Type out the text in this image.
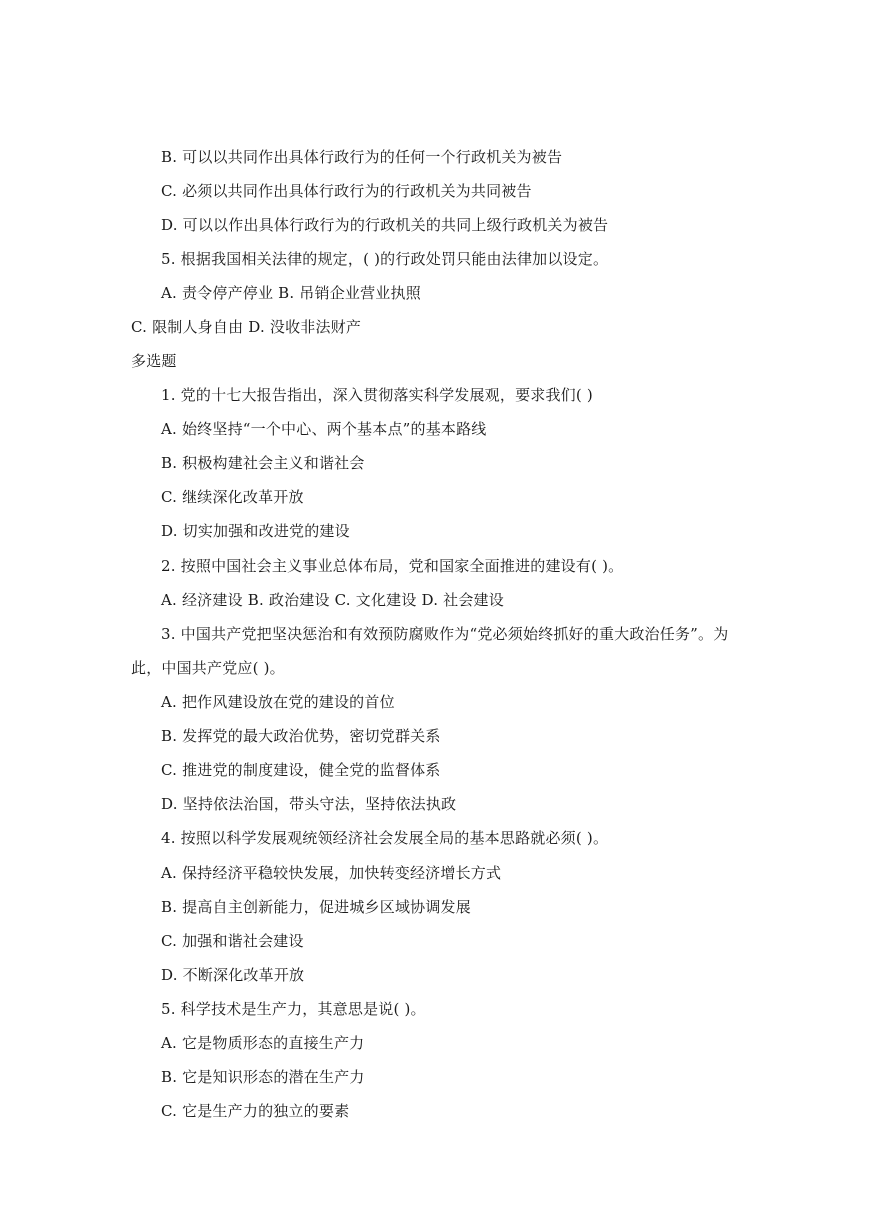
B. 可以以共同作出具体行政行为的任何一个行政机关为被告
C. 必须以共同作出具体行政行为的行政机关为共同被告
D. 可以以作出具体行政行为的行政机关的共同上级行政机关为被告
5. 根据我国相关法律的规定，( )的行政处罚只能由法律加以设定。
A. 责令停产停业 B. 吊销企业营业执照
C. 限制人身自由 D. 没收非法财产
多选题
1. 党的十七大报告指出，深入贯彻落实科学发展观，要求我们( )
A. 始终坚持“一个中心、两个基本点”的基本路线
B. 积极构建社会主义和谐社会
C. 继续深化改革开放
D. 切实加强和改进党的建设
2. 按照中国社会主义事业总体布局，党和国家全面推进的建设有( )。
A. 经济建设 B. 政治建设 C. 文化建设 D. 社会建设
3. 中国共产党把坚决惩治和有效预防腐败作为“党必须始终抓好的重大政治任务”。为
此，中国共产党应( )。
A. 把作风建设放在党的建设的首位
B. 发挥党的最大政治优势，密切党群关系
C. 推进党的制度建设，健全党的监督体系
D. 坚持依法治国，带头守法，坚持依法执政
4. 按照以科学发展观统领经济社会发展全局的基本思路就必须( )。
A. 保持经济平稳较快发展，加快转变经济增长方式
B. 提高自主创新能力，促进城乡区域协调发展
C. 加强和谐社会建设
D. 不断深化改革开放
5. 科学技术是生产力，其意思是说( )。
A. 它是物质形态的直接生产力
B. 它是知识形态的潜在生产力
C. 它是生产力的独立的要素
